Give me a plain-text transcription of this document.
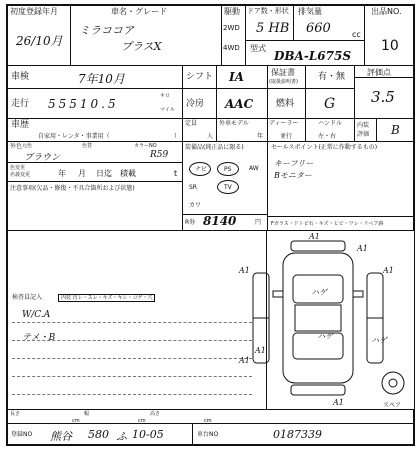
初度登録年月
26/10月
車名・グレード
ミラココア
プラスX
駆動
2WD
4WD
ドア数・形状
5 HB
排気量
660	cc
型式
DBA-L675S
出品NO.
10
車検	7年10月	シフト IA	保証書
(取扱説明書) 有・無	評価点
3.5
走行 55510.5
キロ
マイル
冷房 AAC	燃料 G
車歴
自家用・レンタ・事業用（	）
定員
人
外車モデル
年
ディーラー
並行
ハンドル
左・右
内装
評価 B
外色 元色	色替
ブラウン
カラーNO
R59
色変更
名義変更	年 月 日迄 積載	t
装備品(純正品に限る)
ナビ	PS	AW
SR	TV
カワ
R券 8140	円
セールスポイント(正常に作動するもの)
キーフリー
Bモニター
Fガラス・ドトビ石・キズ・ヒビ・ワレ・リペア跡
注意事項(欠品・修復・不具合箇所および状態)
検査員記入	内装 汚レ・スレ・キズ・キレ・コゲ・穴
W/C.A
テメ・B
A1
A1
A1	A1
A1
ハゲ
ハゲ	ハゲ
A1
A1	スペア
長さ
cm
幅
cm
高さ
cm
登録NO 熊谷 580 ふ 10-05	車台NO	0187339
